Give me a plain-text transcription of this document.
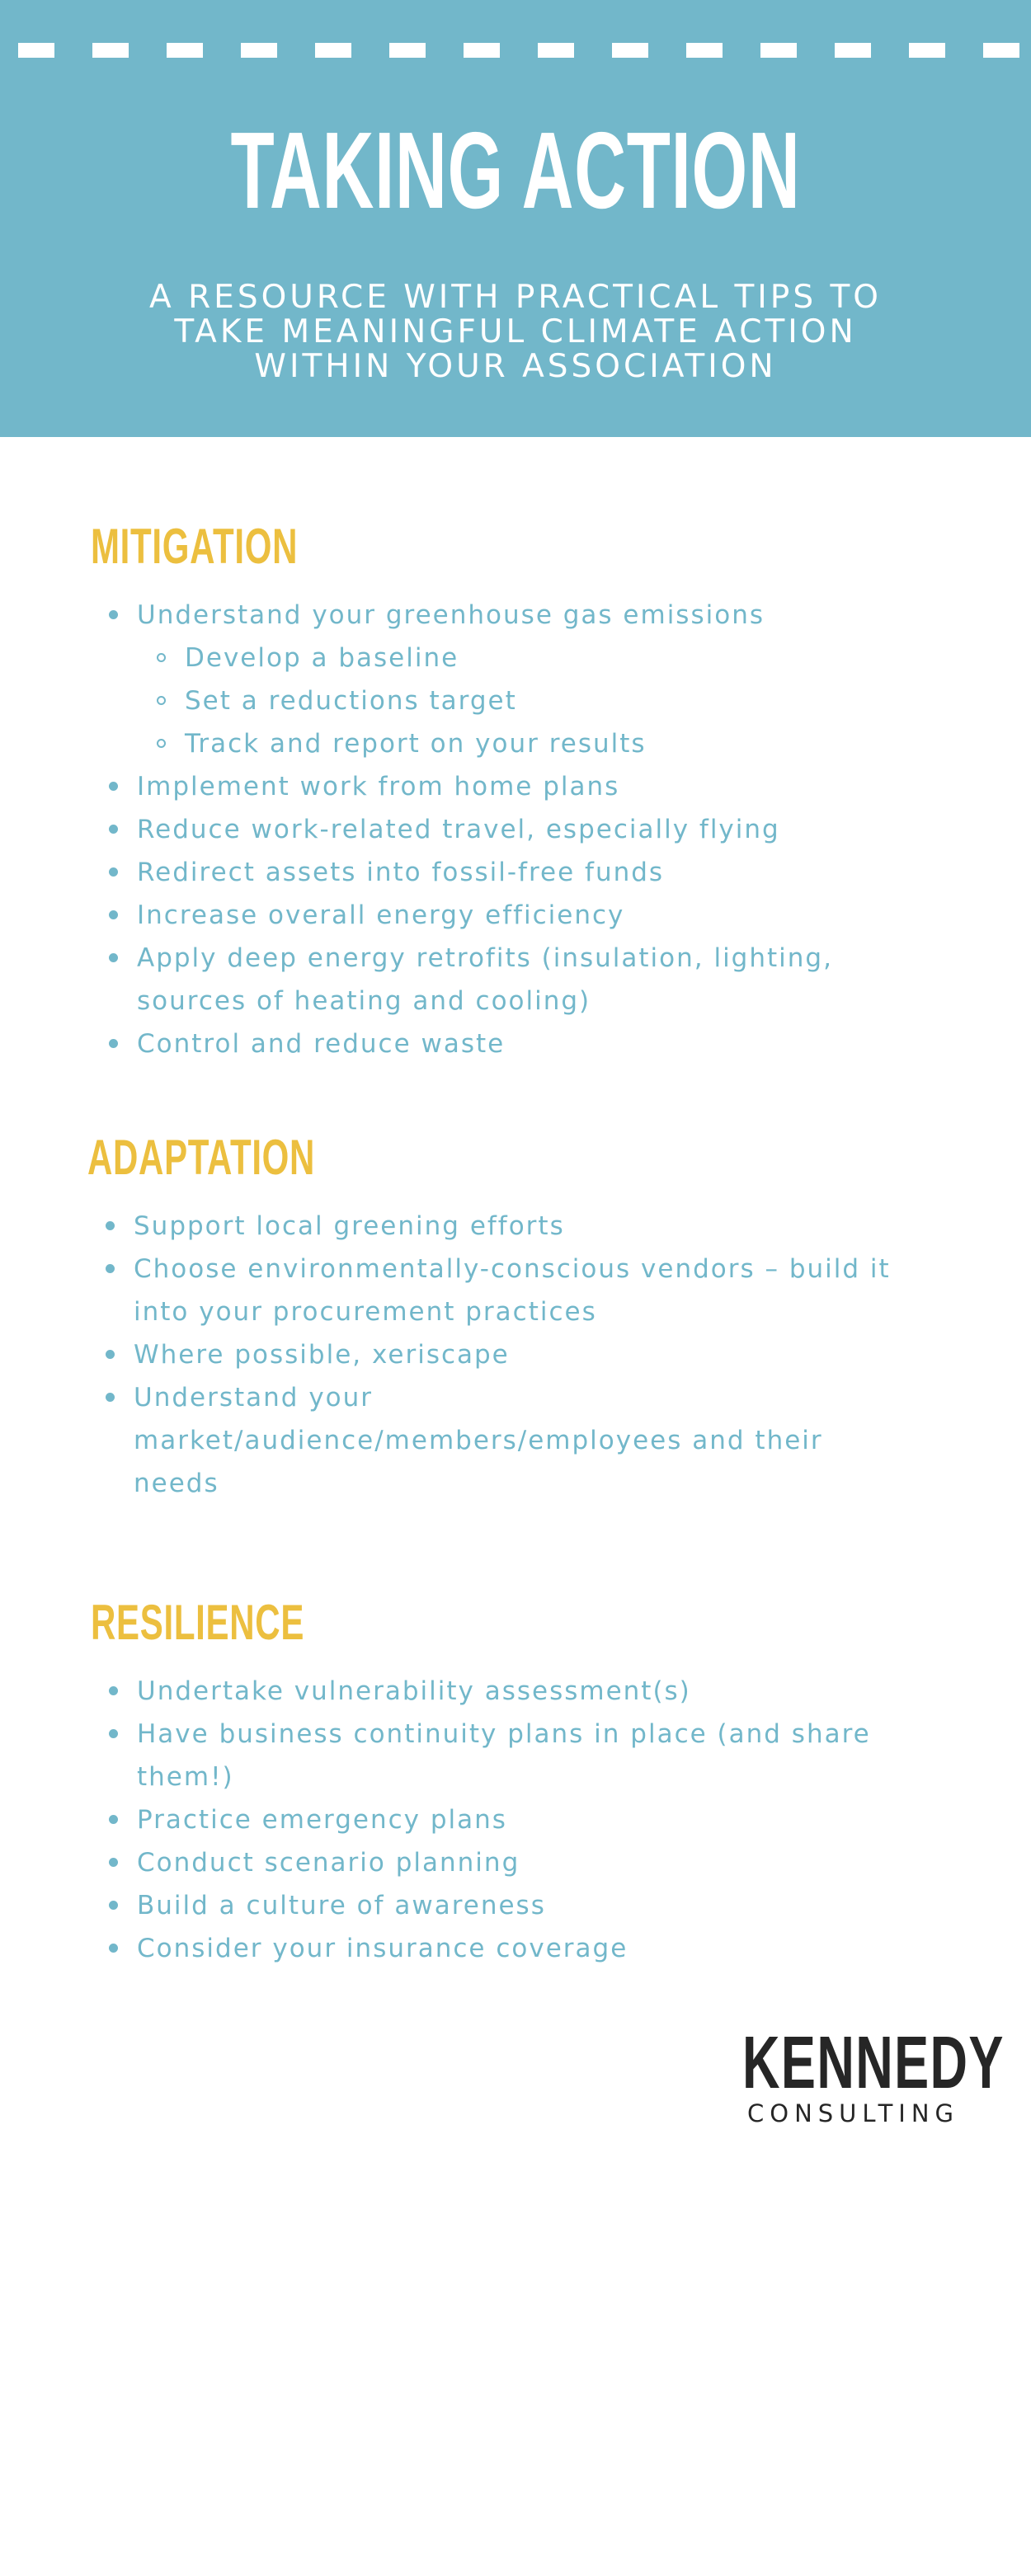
TAKING ACTION
A RESOURCE WITH PRACTICAL TIPS TO TAKE MEANINGFUL CLIMATE ACTION WITHIN YOUR ASSOCIATION
MITIGATION
Understand your greenhouse gas emissions
Develop a baseline
Set a reductions target
Track and report on your results
Implement work from home plans
Reduce work-related travel, especially flying
Redirect assets into fossil-free funds
Increase overall energy efficiency
Apply deep energy retrofits (insulation, lighting,
sources of heating and cooling)
Control and reduce waste
ADAPTATION
Support local greening efforts
Choose environmentally-conscious vendors – build it
into your procurement practices
Where possible, xeriscape
Understand your
market/audience/members/employees and their
needs
RESILIENCE
Undertake vulnerability assessment(s)
Have business continuity plans in place (and share
them!)
Practice emergency plans
Conduct scenario planning
Build a culture of awareness
Consider your insurance coverage
KENNEDY
CONSULTING
